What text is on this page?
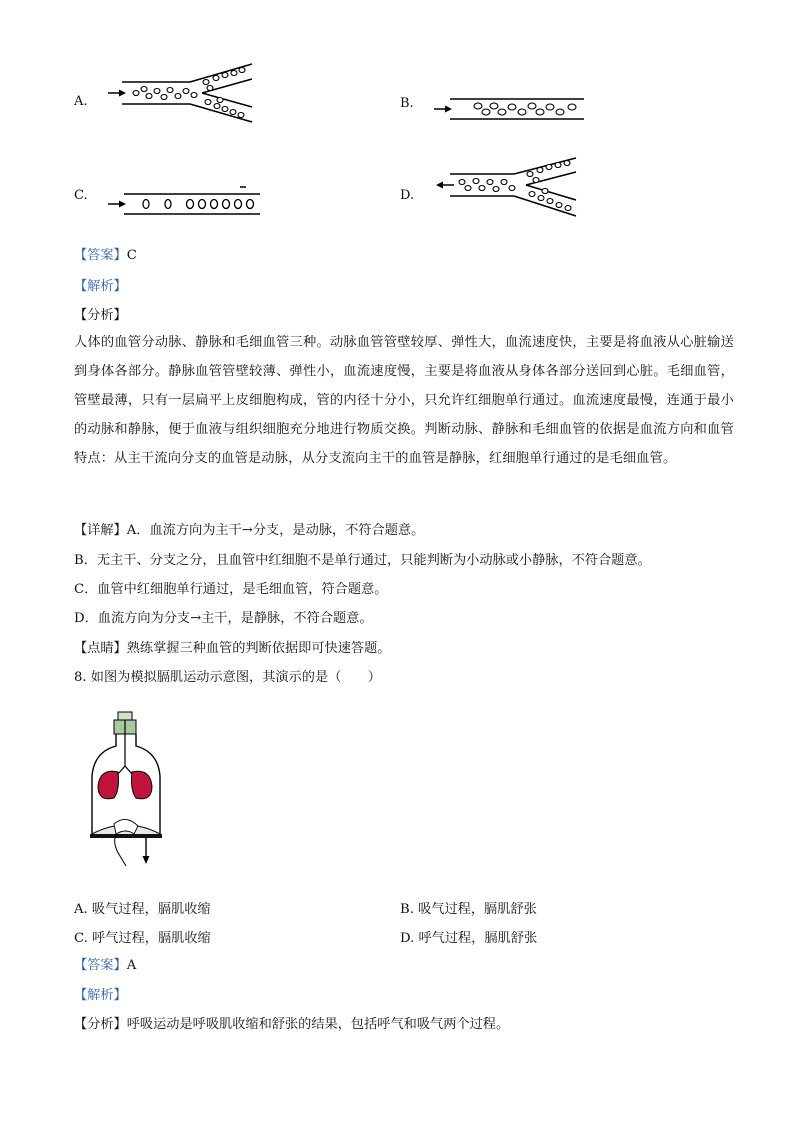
A.	B.
C.	D.
【答案】C
【解析】
【分析】
人体的血管分动脉、静脉和毛细血管三种。动脉血管管壁较厚、弹性大，血流速度快，主要是将血液从心脏输送到身体各部分。静脉血管管壁较薄、弹性小，血流速度慢，主要是将血液从身体各部分送回到心脏。毛细血管，管壁最薄，只有一层扁平上皮细胞构成，管的内径十分小，只允许红细胞单行通过。血流速度最慢，连通于最小的动脉和静脉，便于血液与组织细胞充分地进行物质交换。判断动脉、静脉和毛细血管的依据是血流方向和血管特点：从主干流向分支的血管是动脉，从分支流向主干的血管是静脉，红细胞单行通过的是毛细血管。
【详解】A．血流方向为主干→分支，是动脉，不符合题意。
B．无主干、分支之分，且血管中红细胞不是单行通过，只能判断为小动脉或小静脉，不符合题意。
C．血管中红细胞单行通过，是毛细血管，符合题意。
D．血流方向为分支→主干，是静脉，不符合题意。
【点睛】熟练掌握三种血管的判断依据即可快速答题。
8. 如图为模拟膈肌运动示意图，其演示的是（　　）
A. 吸气过程，膈肌收缩	B. 吸气过程，膈肌舒张
C. 呼气过程，膈肌收缩	D. 呼气过程，膈肌舒张
【答案】A
【解析】
【分析】呼吸运动是呼吸肌收缩和舒张的结果，包括呼气和吸气两个过程。
